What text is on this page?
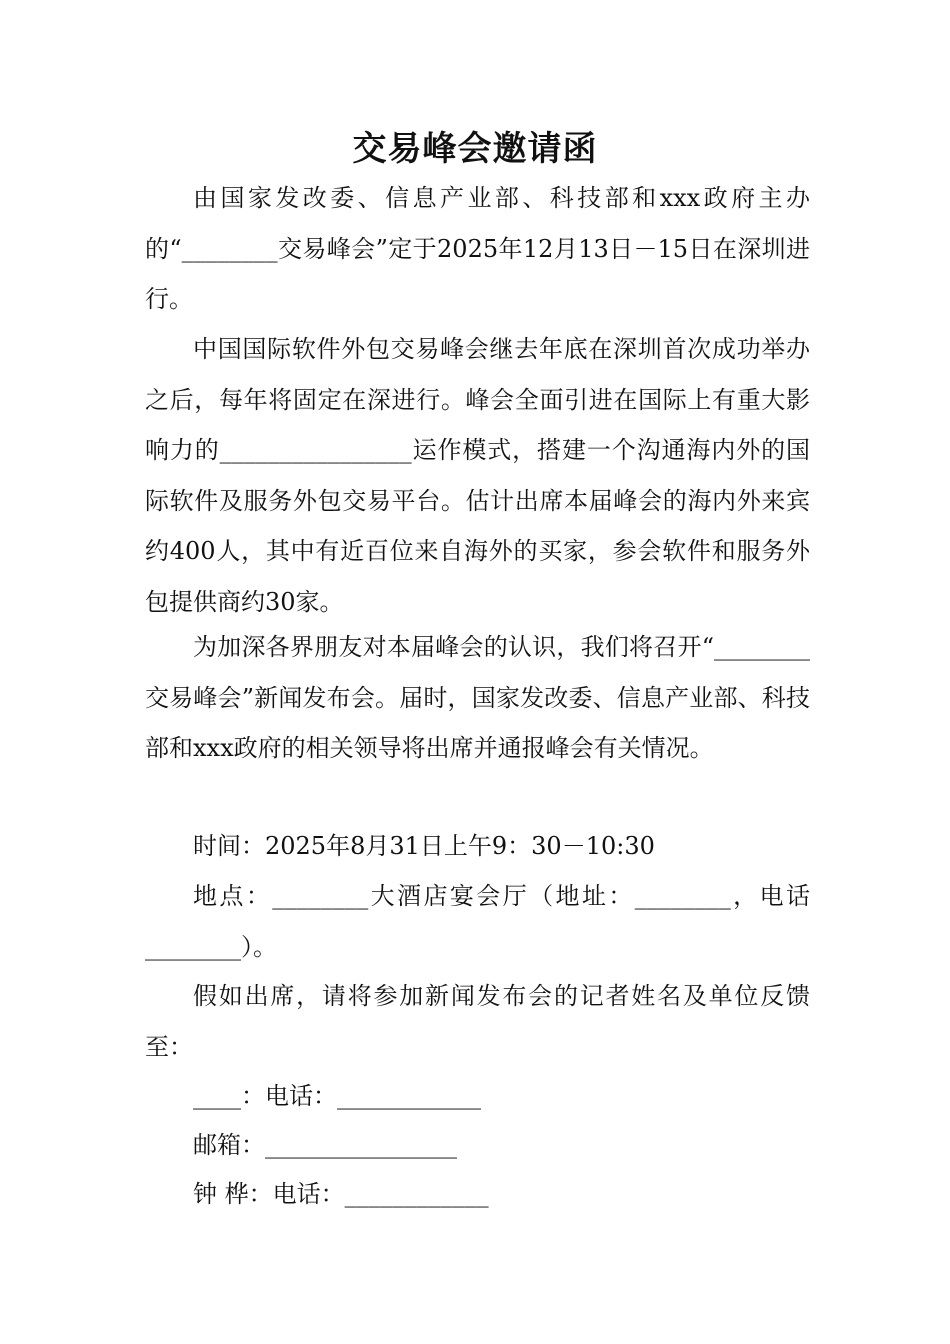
交易峰会邀请函

由国家发改委、信息产业部、科技部和xxx政府主办的“________交易峰会”定于2025年12月13日－15日在深圳进行。

中国国际软件外包交易峰会继去年底在深圳首次成功举办之后，每年将固定在深进行。峰会全面引进在国际上有重大影响力的________________运作模式，搭建一个沟通海内外的国际软件及服务外包交易平台。估计出席本届峰会的海内外来宾约400人，其中有近百位来自海外的买家，参会软件和服务外包提供商约30家。

为加深各界朋友对本届峰会的认识，我们将召开“________交易峰会”新闻发布会。届时，国家发改委、信息产业部、科技部和xxx政府的相关领导将出席并通报峰会有关情况。

时间：2025年8月31日上午9：30－10:30

地点：________大酒店宴会厅（地址：________，电话________）。

假如出席，请将参加新闻发布会的记者姓名及单位反馈至：

____：电话：____________
邮箱：________________
钟 桦：电话：____________
